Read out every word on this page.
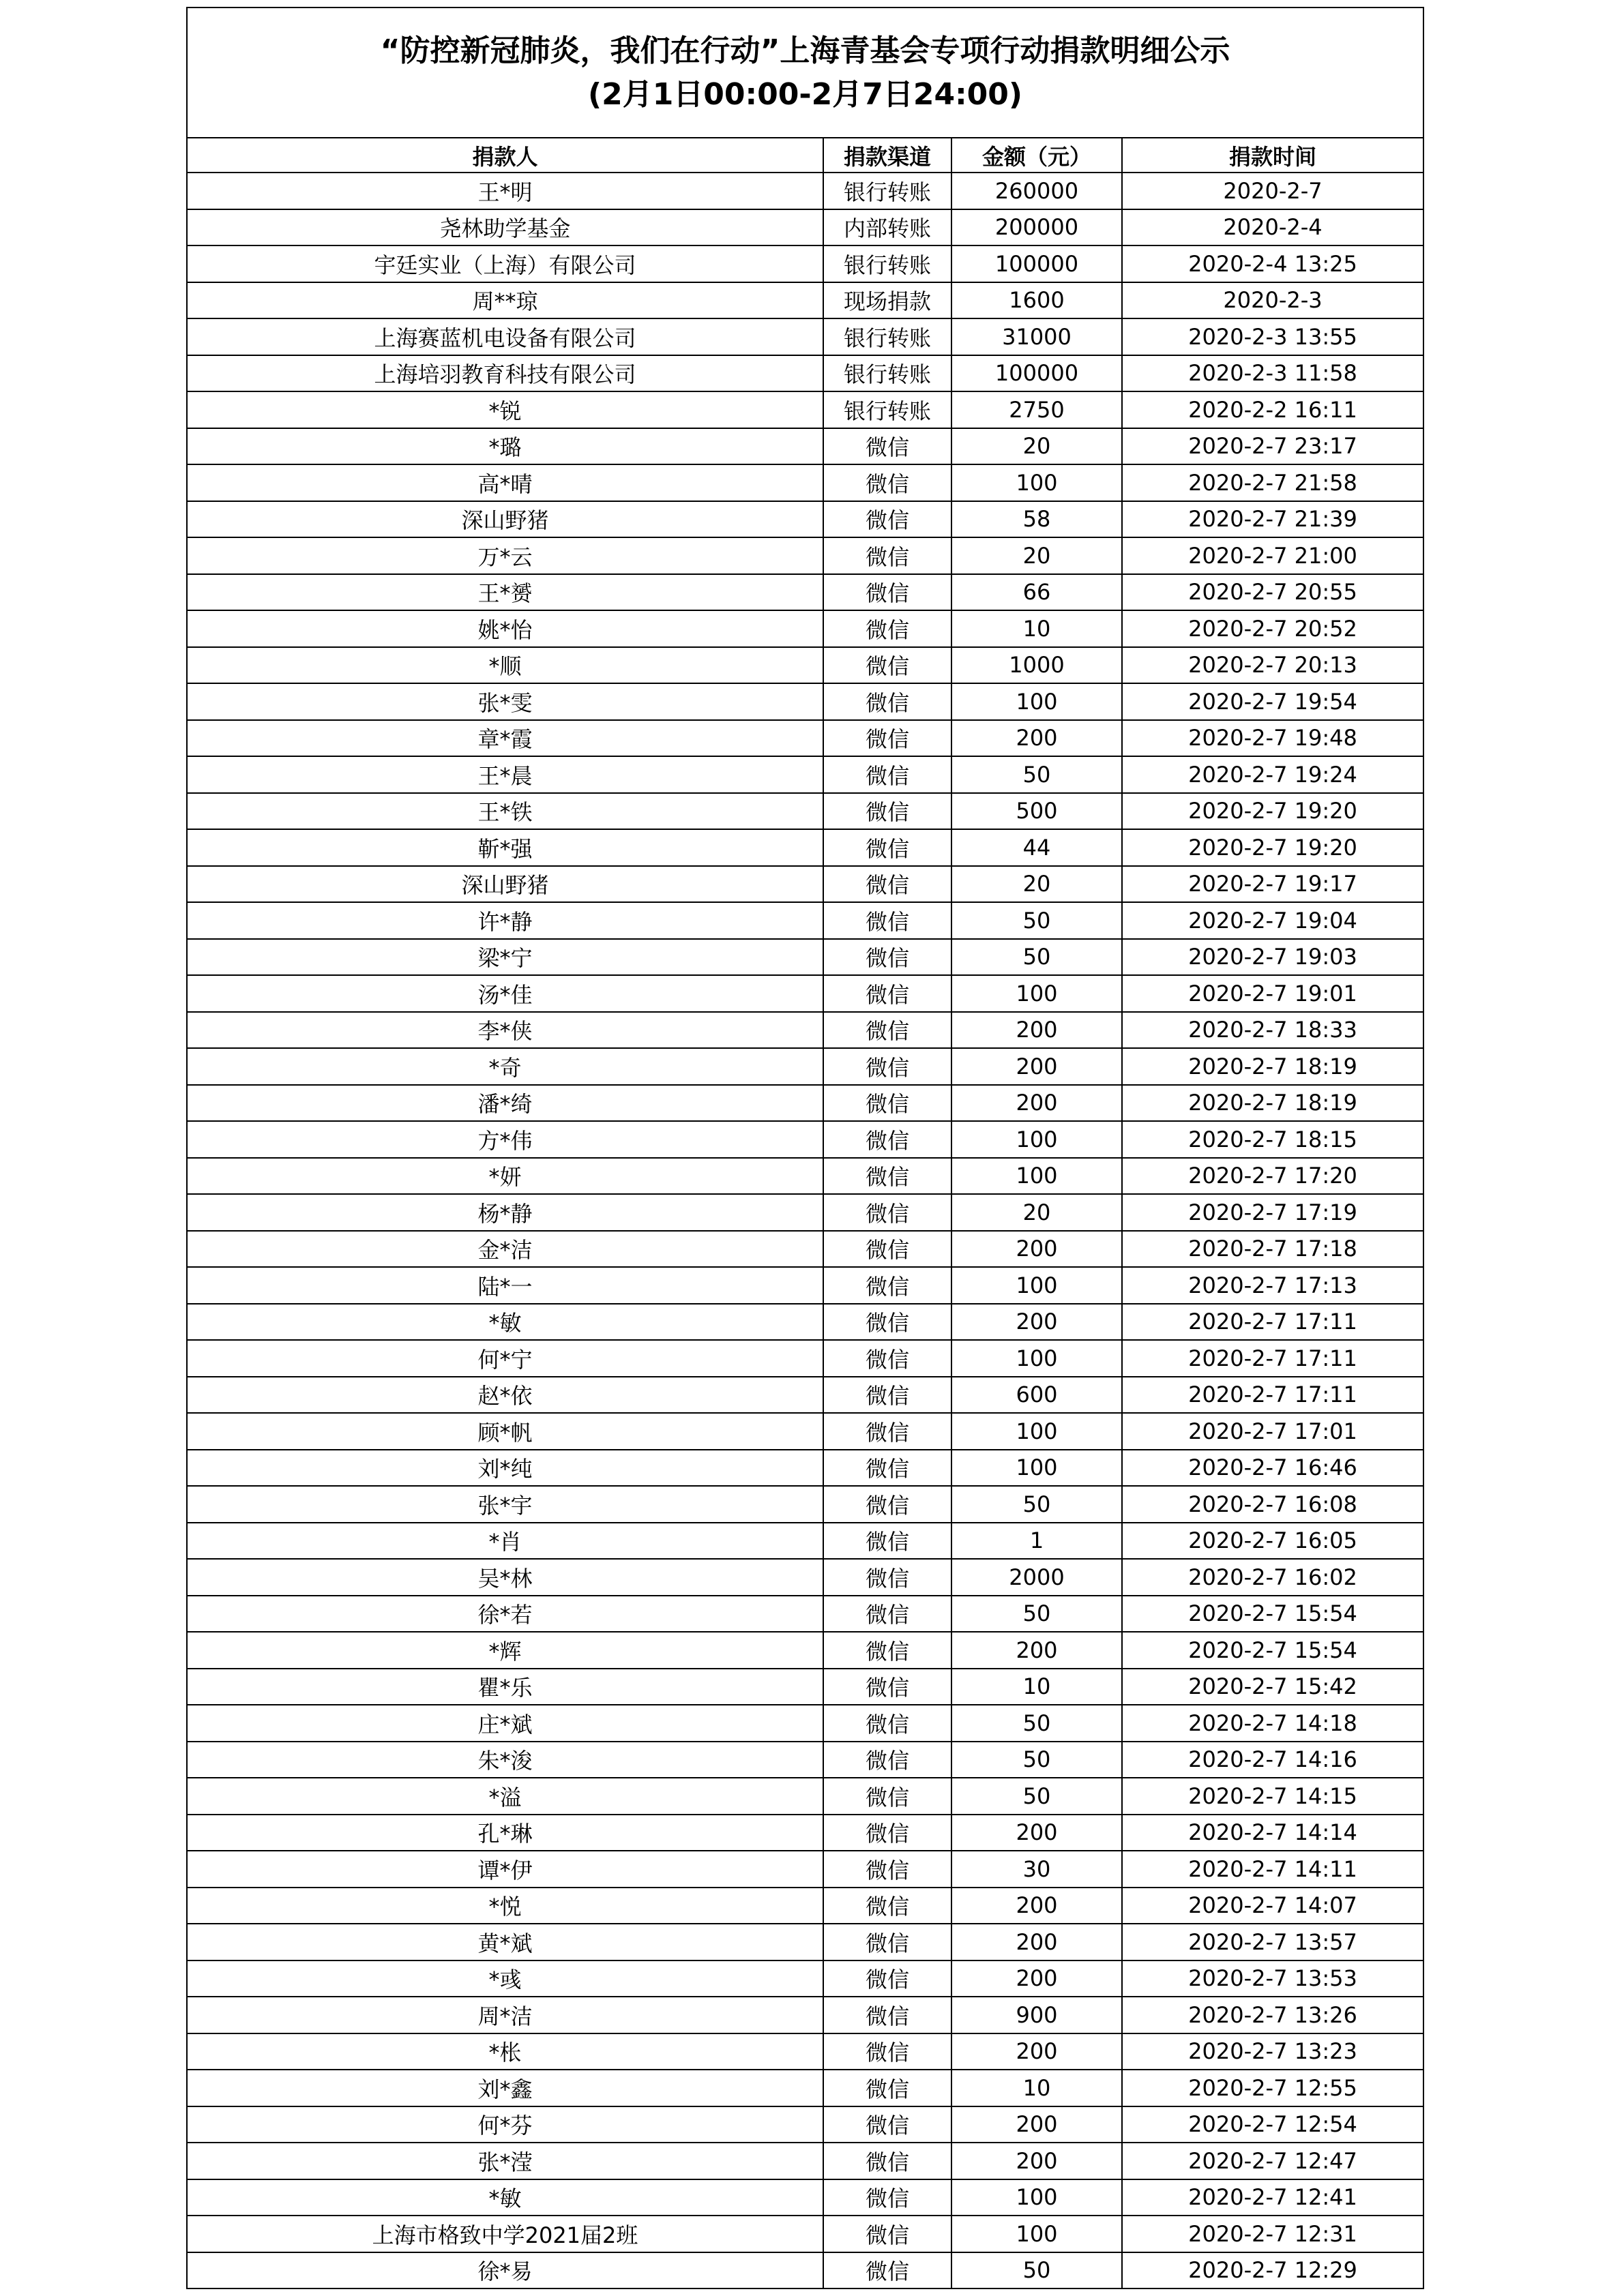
“防控新冠肺炎，我们在行动”上海青基会专项行动捐款明细公示
(2月1日00:00-2月7日24:00)
捐款人	捐款渠道	金额（元）	捐款时间
王*明	银行转账	260000	2020-2-7
尧林助学基金	内部转账	200000	2020-2-4
宇廷实业（上海）有限公司	银行转账	100000	2020-2-4 13:25
周**琼	现场捐款	1600	2020-2-3
上海赛蓝机电设备有限公司	银行转账	31000	2020-2-3 13:55
上海培羽教育科技有限公司	银行转账	100000	2020-2-3 11:58
*锐	银行转账	2750	2020-2-2 16:11
*璐	微信	20	2020-2-7 23:17
高*晴	微信	100	2020-2-7 21:58
深山野猪	微信	58	2020-2-7 21:39
万*云	微信	20	2020-2-7 21:00
王*赟	微信	66	2020-2-7 20:55
姚*怡	微信	10	2020-2-7 20:52
*顺	微信	1000	2020-2-7 20:13
张*雯	微信	100	2020-2-7 19:54
章*霞	微信	200	2020-2-7 19:48
王*晨	微信	50	2020-2-7 19:24
王*铁	微信	500	2020-2-7 19:20
靳*强	微信	44	2020-2-7 19:20
深山野猪	微信	20	2020-2-7 19:17
许*静	微信	50	2020-2-7 19:04
梁*宁	微信	50	2020-2-7 19:03
汤*佳	微信	100	2020-2-7 19:01
李*侠	微信	200	2020-2-7 18:33
*奇	微信	200	2020-2-7 18:19
潘*绮	微信	200	2020-2-7 18:19
方*伟	微信	100	2020-2-7 18:15
*妍	微信	100	2020-2-7 17:20
杨*静	微信	20	2020-2-7 17:19
金*洁	微信	200	2020-2-7 17:18
陆*一	微信	100	2020-2-7 17:13
*敏	微信	200	2020-2-7 17:11
何*宁	微信	100	2020-2-7 17:11
赵*依	微信	600	2020-2-7 17:11
顾*帆	微信	100	2020-2-7 17:01
刘*纯	微信	100	2020-2-7 16:46
张*宇	微信	50	2020-2-7 16:08
*肖	微信	1	2020-2-7 16:05
吴*林	微信	2000	2020-2-7 16:02
徐*若	微信	50	2020-2-7 15:54
*辉	微信	200	2020-2-7 15:54
瞿*乐	微信	10	2020-2-7 15:42
庄*斌	微信	50	2020-2-7 14:18
朱*浚	微信	50	2020-2-7 14:16
*溢	微信	50	2020-2-7 14:15
孔*琳	微信	200	2020-2-7 14:14
谭*伊	微信	30	2020-2-7 14:11
*悦	微信	200	2020-2-7 14:07
黄*斌	微信	200	2020-2-7 13:57
*彧	微信	200	2020-2-7 13:53
周*洁	微信	900	2020-2-7 13:26
*枨	微信	200	2020-2-7 13:23
刘*鑫	微信	10	2020-2-7 12:55
何*芬	微信	200	2020-2-7 12:54
张*滢	微信	200	2020-2-7 12:47
*敏	微信	100	2020-2-7 12:41
上海市格致中学2021届2班	微信	100	2020-2-7 12:31
徐*易	微信	50	2020-2-7 12:29
